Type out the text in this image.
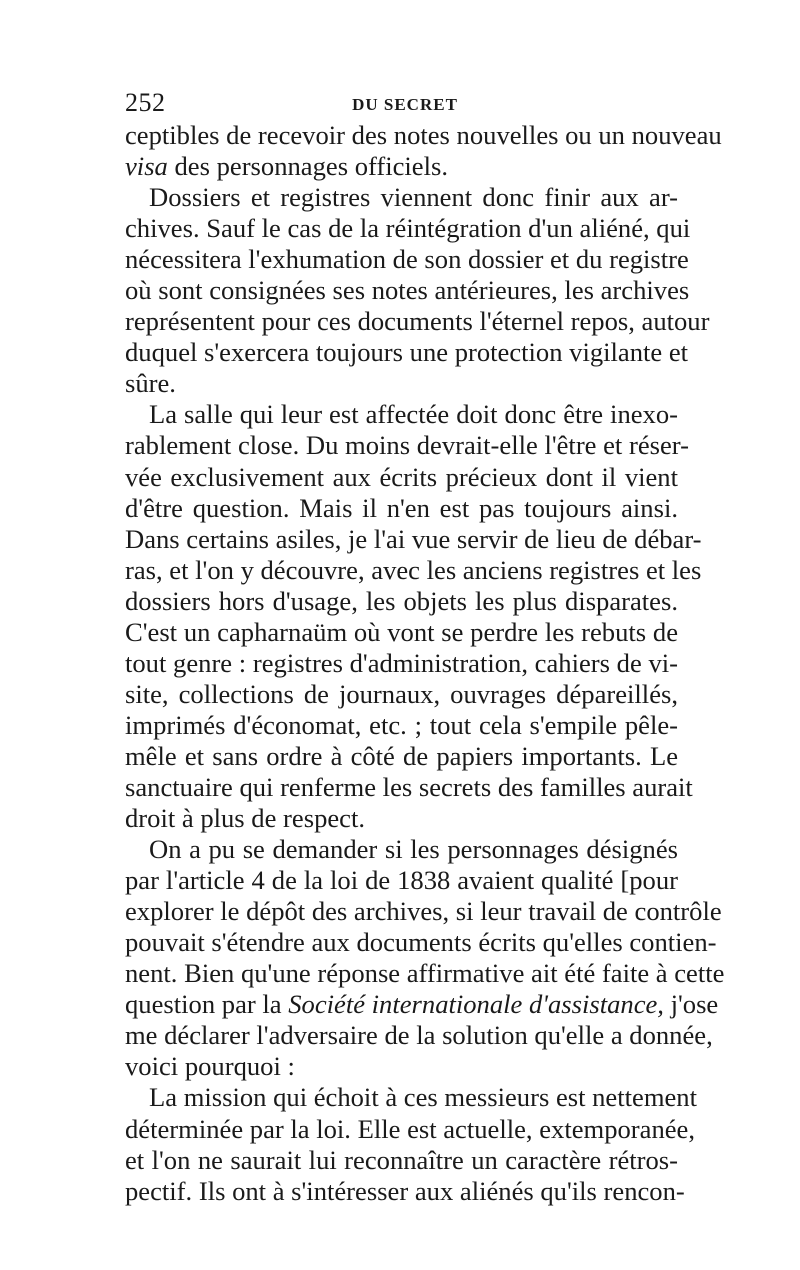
252	DU SECRET
ceptibles de recevoir des notes nouvelles ou un nouveau
visa des personnages officiels.
Dossiers et registres viennent donc finir aux ar-
chives. Sauf le cas de la réintégration d'un aliéné, qui
nécessitera l'exhumation de son dossier et du registre
où sont consignées ses notes antérieures, les archives
représentent pour ces documents l'éternel repos, autour
duquel s'exercera toujours une protection vigilante et
sûre.
La salle qui leur est affectée doit donc être inexo-
rablement close. Du moins devrait-elle l'être et réser-
vée exclusivement aux écrits précieux dont il vient
d'être question. Mais il n'en est pas toujours ainsi.
Dans certains asiles, je l'ai vue servir de lieu de débar-
ras, et l'on y découvre, avec les anciens registres et les
dossiers hors d'usage, les objets les plus disparates.
C'est un capharnaüm où vont se perdre les rebuts de
tout genre : registres d'administration, cahiers de vi-
site, collections de journaux, ouvrages dépareillés,
imprimés d'économat, etc. ; tout cela s'empile pêle-
mêle et sans ordre à côté de papiers importants. Le
sanctuaire qui renferme les secrets des familles aurait
droit à plus de respect.
On a pu se demander si les personnages désignés
par l'article 4 de la loi de 1838 avaient qualité [pour
explorer le dépôt des archives, si leur travail de contrôle
pouvait s'étendre aux documents écrits qu'elles contien-
nent. Bien qu'une réponse affirmative ait été faite à cette
question par la Société internationale d'assistance, j'ose
me déclarer l'adversaire de la solution qu'elle a donnée,
voici pourquoi :
La mission qui échoit à ces messieurs est nettement
déterminée par la loi. Elle est actuelle, extemporanée,
et l'on ne saurait lui reconnaître un caractère rétros-
pectif. Ils ont à s'intéresser aux aliénés qu'ils rencon-
